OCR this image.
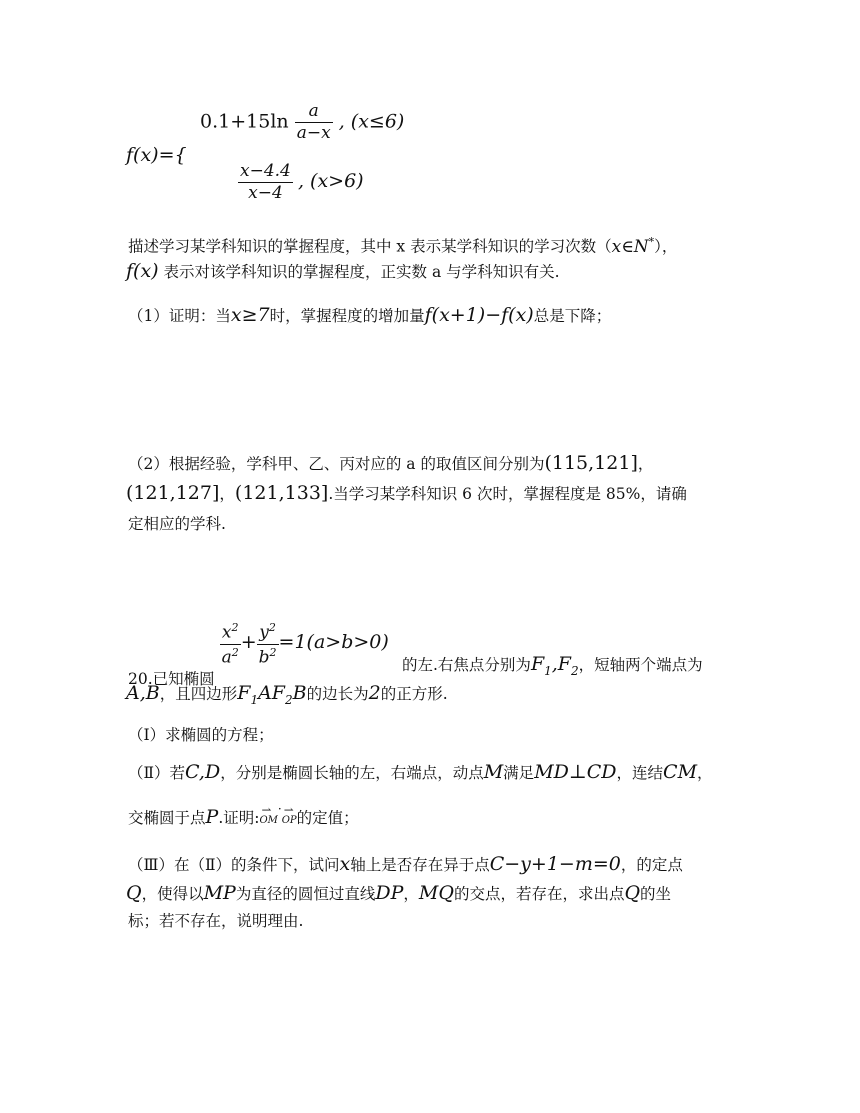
$0.1+15\ln \frac{a}{a-x}$ , (x≤6)
f(x)={
$\frac{x-4.4}{x-4}$ , (x>6)
描述学习某学科知识的掌握程度，其中 x 表示某学科知识的学习次数（x∈N*），
f(x) 表示对该学科知识的掌握程度，正实数 a 与学科知识有关.
（1）证明：当x≥7时，掌握程度的增加量f(x+1)−f(x)总是下降；
（2）根据经验，学科甲、乙、丙对应的 a 的取值区间分别为(115,121]，
(121,127]，(121,133].当学习某学科知识 6 次时，掌握程度是 85%，请确
定相应的学科.
20.已知椭圆
$\frac{x^2}{a^2} + \frac{y^2}{b^2} =1(a>b>0)$
的左.右焦点分别为$F_1,F_2$，短轴两个端点为
A,B，且四边形$F_1AF_2B$的边长为2的正方形.
（Ⅰ）求椭圆的方程；
（Ⅱ）若C,D，分别是椭圆长轴的左，右端点，动点M满足MD⊥CD，连结CM，
交椭圆于点P.证明: ⇀
OM· ⇀
OP的定值；
（Ⅲ）在（Ⅱ）的条件下，试问x轴上是否存在异于点C−y+1−m=0，的定点
Q，使得以MP为直径的圆恒过直线DP，MQ的交点，若存在，求出点Q的坐
标；若不存在，说明理由.
